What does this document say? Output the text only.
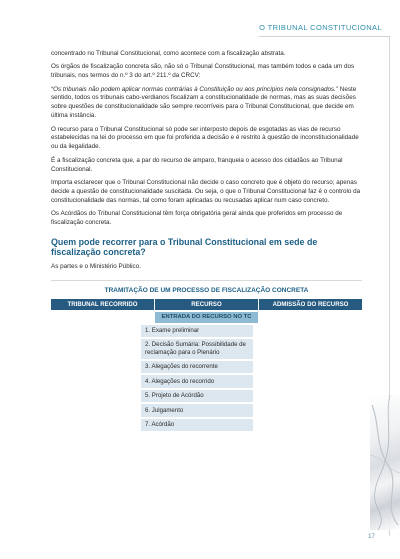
O TRIBUNAL CONSTITUCIONAL

concentrado no Tribunal Constitucional, como acontece com a fiscalização abstrata.

Os órgãos de fiscalização concreta são, não só o Tribunal Constitucional, mas também todos e cada um dos tribunais, nos termos do n.º 3 do art.º 211.º da CRCV:

“Os tribunais não podem aplicar normas contrárias à Constituição ou aos princípios nela consignados.” Neste sentido, todos os tribunais cabo-verdianos fiscalizam a constitucionalidade de normas, mas as suas decisões sobre questões de constitucionalidade são sempre recorríveis para o Tribunal Constitucional, que decide em última instância.

O recurso para o Tribunal Constitucional só pode ser interposto depois de esgotadas as vias de recurso estabelecidas na lei do processo em que foi proferida a decisão e é restrito à questão de inconstitucionalidade ou da ilegalidade.

É a fiscalização concreta que, a par do recurso de amparo, franqueia o acesso dos cidadãos ao Tribunal Constitucional.

Importa esclarecer que o Tribunal Constitucional não decide o caso concreto que é objeto do recurso; apenas decide a questão de constitucionalidade suscitada. Ou seja, o que o Tribunal Constitucional faz é o controlo da constitucionalidade das normas, tal como foram aplicadas ou recusadas aplicar num caso concreto.

Os Acórdãos do Tribunal Constitucional têm força obrigatória geral ainda que proferidos em processo de fiscalização concreta.

Quem pode recorrer para o Tribunal Constitucional em sede de fiscalização concreta?

As partes e o Ministério Público.

TRAMITAÇÃO DE UM PROCESSO DE FISCALIZAÇÃO CONCRETA
TRIBUNAL RECORRIDO	RECURSO	ADMISSÃO DO RECURSO
ENTRADA DO RECURSO NO TC
1. Exame preliminar
2. Decisão Sumária: Possibilidade de reclamação para o Plenário
3. Alegações do recorrente
4. Alegações do recorrido
5. Projeto de Acórdão
6. Julgamento
7. Acórdão
17
